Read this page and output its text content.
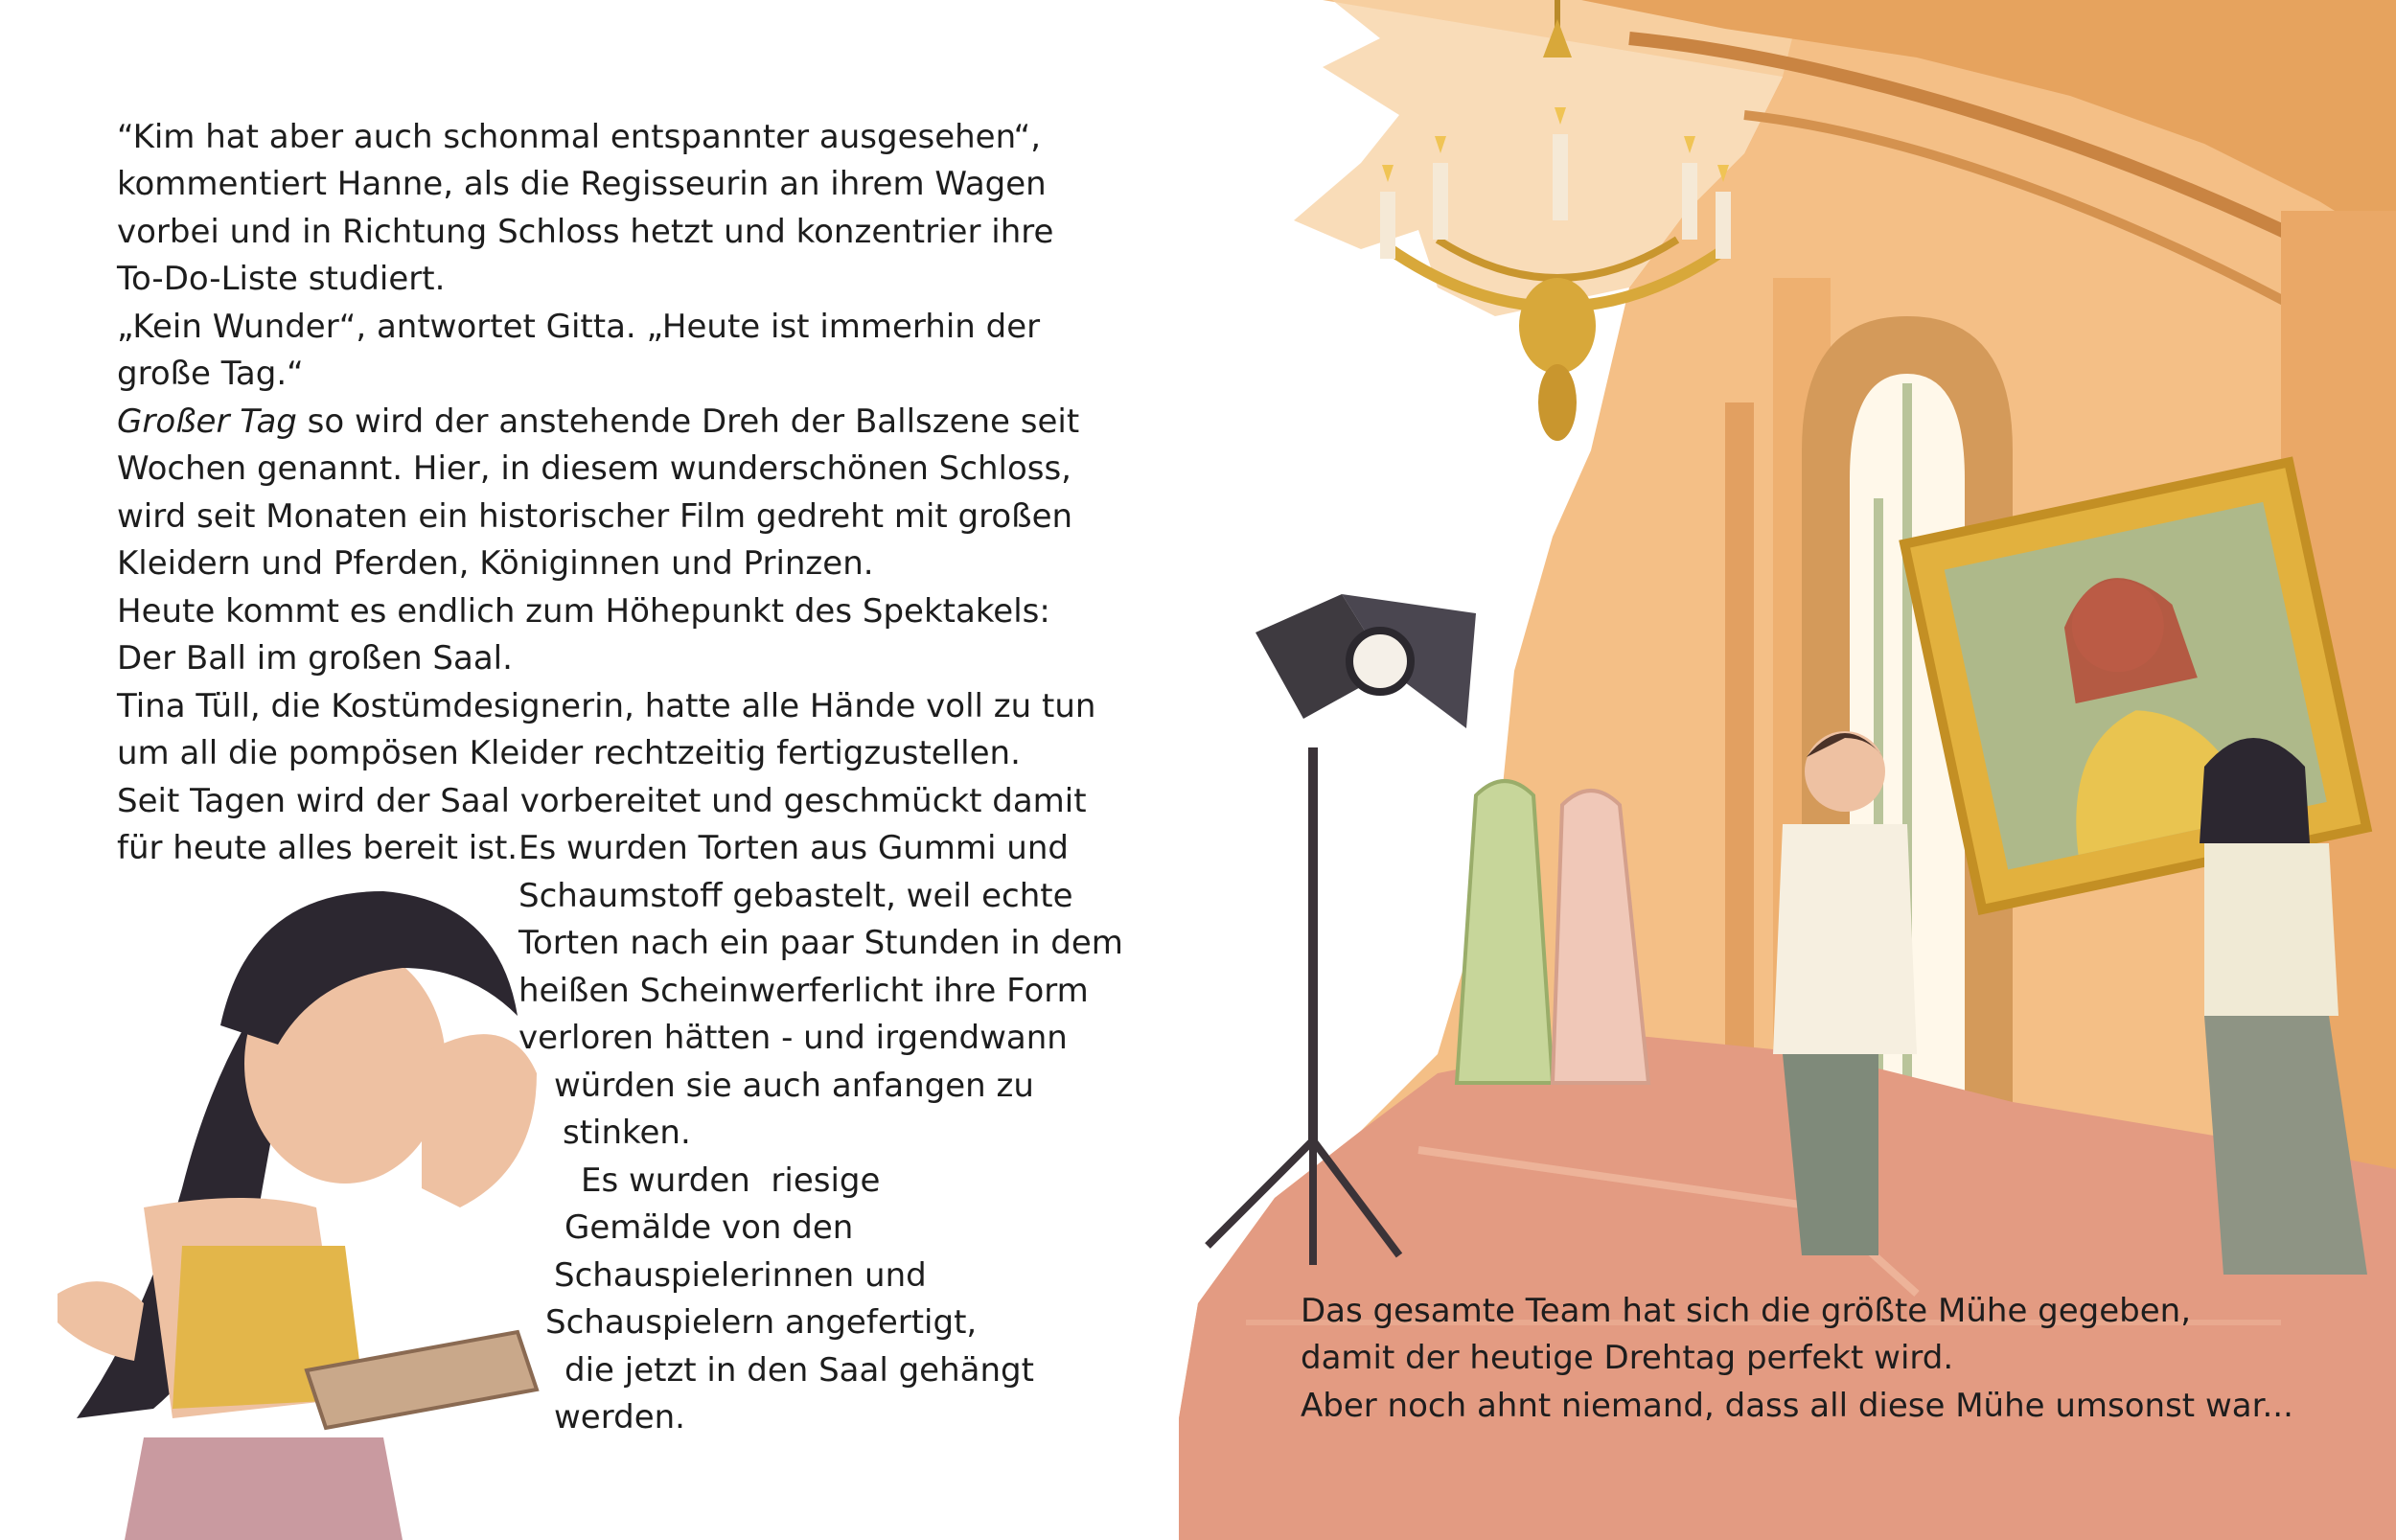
“Kim hat aber auch schonmal entspannter ausgesehen“,
kommentiert Hanne, als die Regisseurin an ihrem Wagen
vorbei und in Richtung Schloss hetzt und konzentrier ihre
To-Do-Liste studiert.
„Kein Wunder“, antwortet Gitta. „Heute ist immerhin der
große Tag.“
Großer Tag so wird der anstehende Dreh der Ballszene seit
Wochen genannt. Hier, in diesem wunderschönen Schloss,
wird seit Monaten ein historischer Film gedreht mit großen
Kleidern und Pferden, Königinnen und Prinzen.
Heute kommt es endlich zum Höhepunkt des Spektakels:
Der Ball im großen Saal.
Tina Tüll, die Kostümdesignerin, hatte alle Hände voll zu tun
um all die pompösen Kleider rechtzeitig fertigzustellen.
Seit Tagen wird der Saal vorbereitet und geschmückt damit
für heute alles bereit ist. Es wurden Torten aus Gummi und
Schaumstoff gebastelt, weil echte
Torten nach ein paar Stunden in dem
heißen Scheinwerferlicht ihre Form
verloren hätten - und irgendwann
würden sie auch anfangen zu
stinken.
Es wurden  riesige
Gemälde von den
Schauspielerinnen und
Schauspielern angefertigt,
die jetzt in den Saal gehängt
werden.
Das gesamte Team hat sich die größte Mühe gegeben,
damit der heutige Drehtag perfekt wird.
Aber noch ahnt niemand, dass all diese Mühe umsonst war...
